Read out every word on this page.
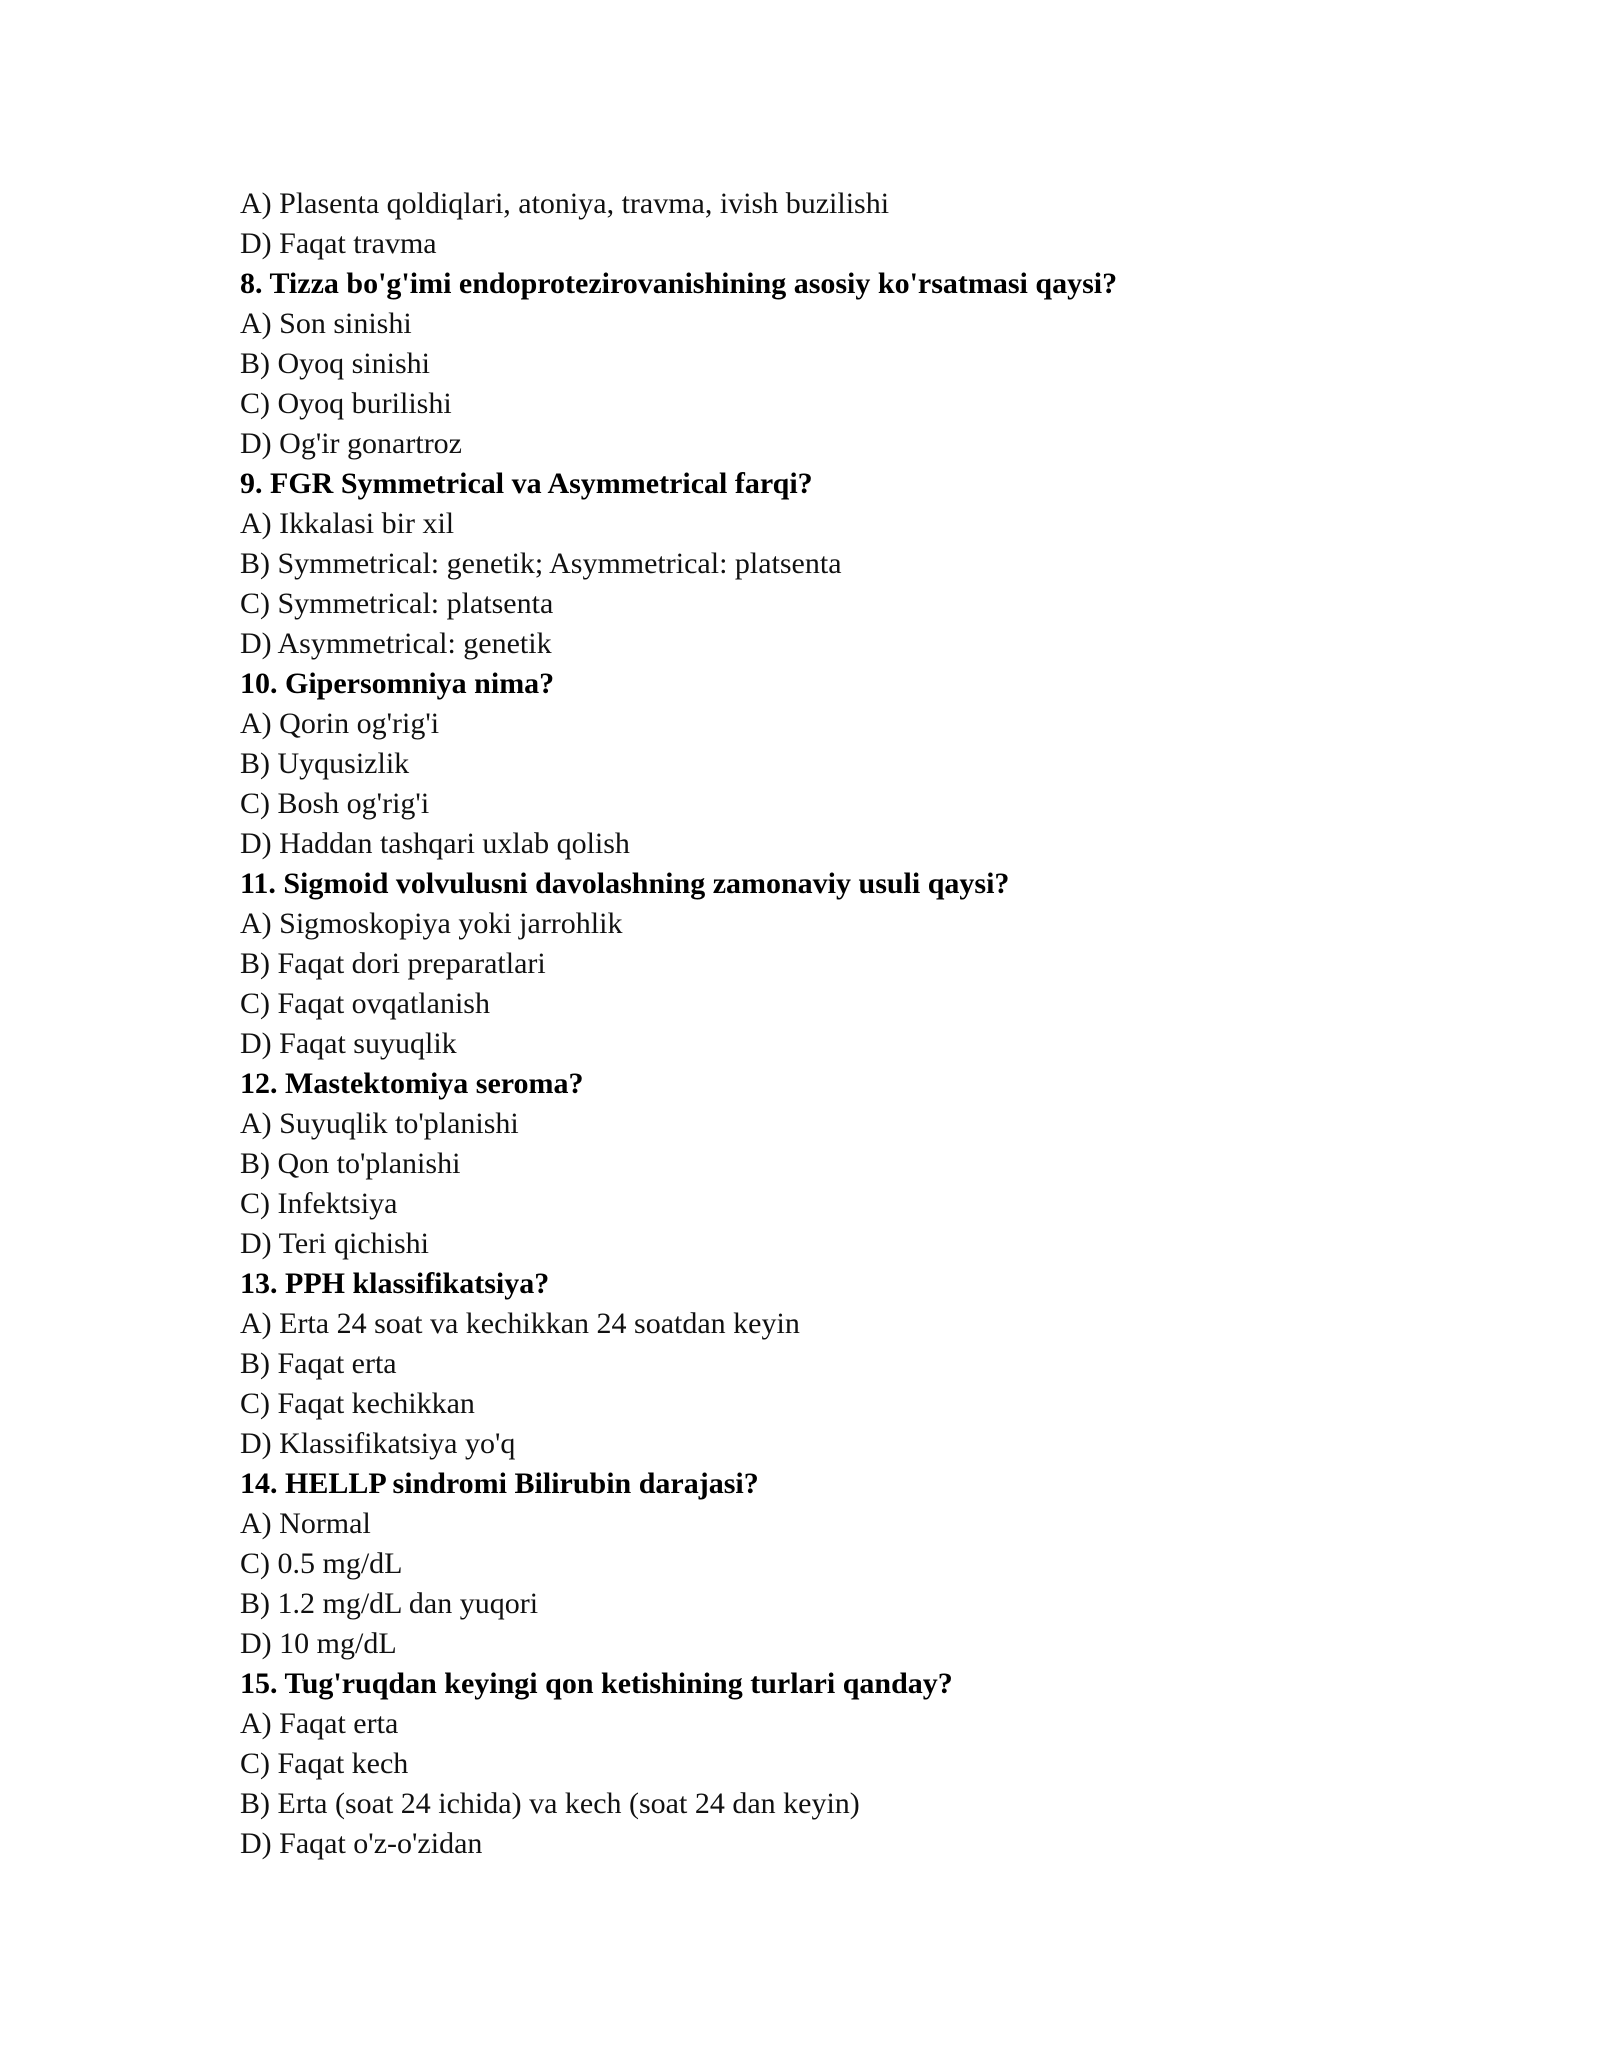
A) Plasenta qoldiqlari, atoniya, travma, ivish buzilishi
D) Faqat travma
8. Tizza bo'g'imi endoprotezirovanishining asosiy ko'rsatmasi qaysi?
A) Son sinishi
B) Oyoq sinishi
C) Oyoq burilishi
D) Og'ir gonartroz
9. FGR Symmetrical va Asymmetrical farqi?
A) Ikkalasi bir xil
B) Symmetrical: genetik; Asymmetrical: platsenta
C) Symmetrical: platsenta
D) Asymmetrical: genetik
10. Gipersomniya nima?
A) Qorin og'rig'i
B) Uyqusizlik
C) Bosh og'rig'i
D) Haddan tashqari uxlab qolish
11. Sigmoid volvulusni davolashning zamonaviy usuli qaysi?
A) Sigmoskopiya yoki jarrohlik
B) Faqat dori preparatlari
C) Faqat ovqatlanish
D) Faqat suyuqlik
12. Mastektomiya seroma?
A) Suyuqlik to'planishi
B) Qon to'planishi
C) Infektsiya
D) Teri qichishi
13. PPH klassifikatsiya?
A) Erta 24 soat va kechikkan 24 soatdan keyin
B) Faqat erta
C) Faqat kechikkan
D) Klassifikatsiya yo'q
14. HELLP sindromi Bilirubin darajasi?
A) Normal
C) 0.5 mg/dL
B) 1.2 mg/dL dan yuqori
D) 10 mg/dL
15. Tug'ruqdan keyingi qon ketishining turlari qanday?
A) Faqat erta
C) Faqat kech
B) Erta (soat 24 ichida) va kech (soat 24 dan keyin)
D) Faqat o'z-o'zidan
